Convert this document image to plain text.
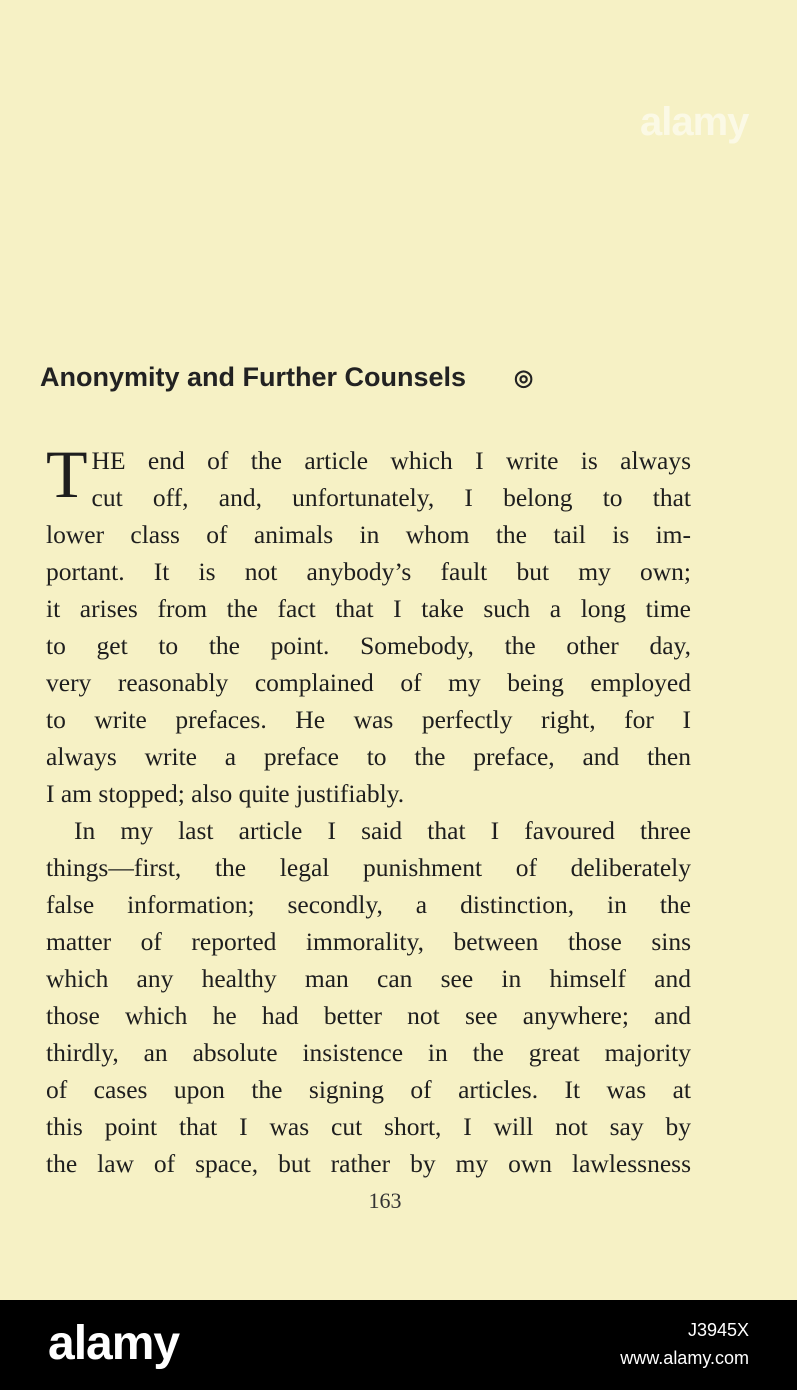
alamy
Anonymity and Further Counsels ◎
T HE end of the article which I write is always
cut off, and, unfortunately, I belong to that
lower class of animals in whom the tail is im-
portant. It is not anybody’s fault but my own;
it arises from the fact that I take such a long time
to get to the point. Somebody, the other day,
very reasonably complained of my being employed
to write prefaces. He was perfectly right, for I
always write a preface to the preface, and then
I am stopped; also quite justifiably.
In my last article I said that I favoured three
things—first, the legal punishment of deliberately
false information; secondly, a distinction, in the
matter of reported immorality, between those sins
which any healthy man can see in himself and
those which he had better not see anywhere; and
thirdly, an absolute insistence in the great majority
of cases upon the signing of articles. It was at
this point that I was cut short, I will not say by
the law of space, but rather by my own lawlessness
163
alamy	J3945X
www.alamy.com
